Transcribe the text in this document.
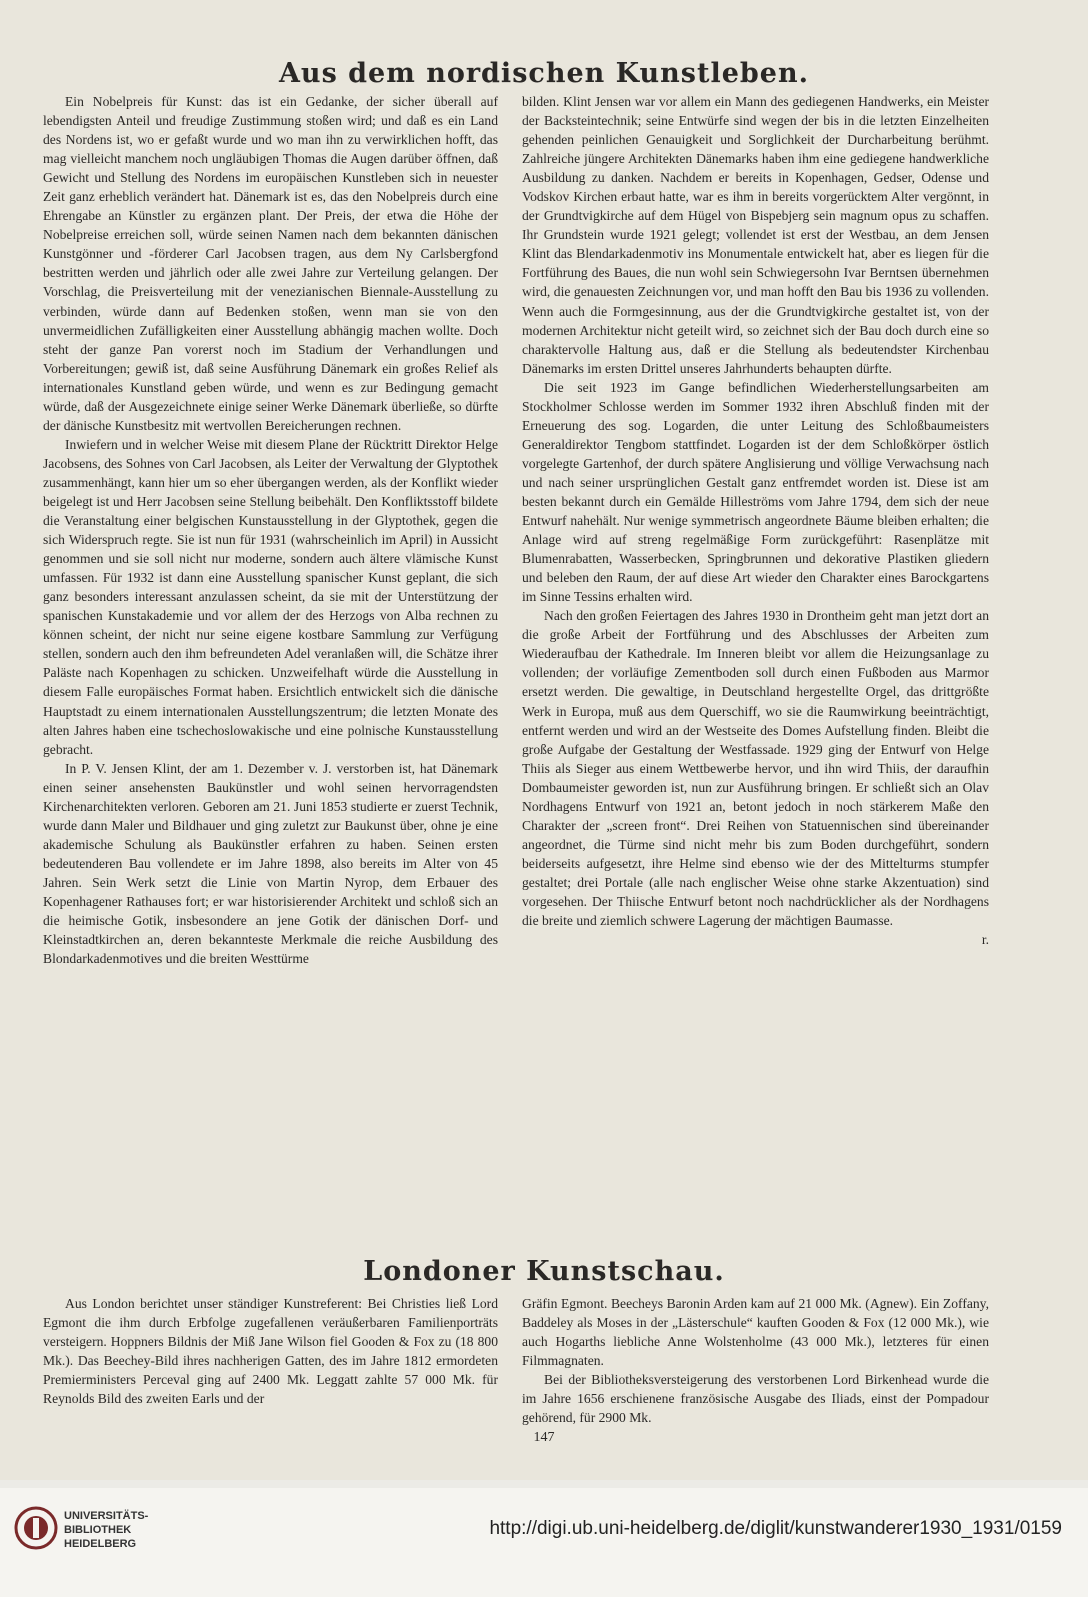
Aus dem nordischen Kunstleben.

Ein Nobelpreis für Kunst: das ist ein Gedanke, der sicher überall auf lebendigsten Anteil und freudige Zustimmung stoßen wird; und daß es ein Land des Nordens ist, wo er gefaßt wurde und wo man ihn zu verwirklichen hofft, das mag vielleicht manchem noch ungläubigen Thomas die Augen darüber öffnen, daß Gewicht und Stellung des Nordens im europäischen Kunstleben sich in neuester Zeit ganz erheblich verändert hat. Dänemark ist es, das den Nobelpreis durch eine Ehrengabe an Künstler zu ergänzen plant. Der Preis, der etwa die Höhe der Nobelpreise erreichen soll, würde seinen Namen nach dem bekannten dänischen Kunstgönner und -förderer Carl Jacobsen tragen, aus dem Ny Carlsbergfond bestritten werden und jährlich oder alle zwei Jahre zur Verteilung gelangen. Der Vorschlag, die Preisverteilung mit der venezianischen Biennale-Ausstellung zu verbinden, würde dann auf Bedenken stoßen, wenn man sie von den unvermeidlichen Zufälligkeiten einer Ausstellung abhängig machen wollte. Doch steht der ganze Pan vorerst noch im Stadium der Verhandlungen und Vorbereitungen; gewiß ist, daß seine Ausführung Dänemark ein großes Relief als internationales Kunstland geben würde, und wenn es zur Bedingung gemacht würde, daß der Ausgezeichnete einige seiner Werke Dänemark überließe, so dürfte der dänische Kunstbesitz mit wertvollen Bereicherungen rechnen.

Inwiefern und in welcher Weise mit diesem Plane der Rücktritt Direktor Helge Jacobsens, des Sohnes von Carl Jacobsen, als Leiter der Verwaltung der Glyptothek zusammenhängt, kann hier um so eher übergangen werden, als der Konflikt wieder beigelegt ist und Herr Jacobsen seine Stellung beibehält. Den Konfliktsstoff bildete die Veranstaltung einer belgischen Kunstausstellung in der Glyptothek, gegen die sich Widerspruch regte. Sie ist nun für 1931 (wahrscheinlich im April) in Aussicht genommen und sie soll nicht nur moderne, sondern auch ältere vlämische Kunst umfassen. Für 1932 ist dann eine Ausstellung spanischer Kunst geplant, die sich ganz besonders interessant anzulassen scheint, da sie mit der Unterstützung der spanischen Kunstakademie und vor allem der des Herzogs von Alba rechnen zu können scheint, der nicht nur seine eigene kostbare Sammlung zur Verfügung stellen, sondern auch den ihm befreundeten Adel veranlaßen will, die Schätze ihrer Paläste nach Kopenhagen zu schicken. Unzweifelhaft würde die Ausstellung in diesem Falle europäisches Format haben. Ersichtlich entwickelt sich die dänische Hauptstadt zu einem internationalen Ausstellungszentrum; die letzten Monate des alten Jahres haben eine tschechoslowakische und eine polnische Kunstausstellung gebracht.

In P. V. Jensen Klint, der am 1. Dezember v. J. verstorben ist, hat Dänemark einen seiner ansehensten Baukünstler und wohl seinen hervorragendsten Kirchenarchitekten verloren. Geboren am 21. Juni 1853 studierte er zuerst Technik, wurde dann Maler und Bildhauer und ging zuletzt zur Baukunst über, ohne je eine akademische Schulung als Baukünstler erfahren zu haben. Seinen ersten bedeutenderen Bau vollendete er im Jahre 1898, also bereits im Alter von 45 Jahren. Sein Werk setzt die Linie von Martin Nyrop, dem Erbauer des Kopenhagener Rathauses fort; er war historisierender Architekt und schloß sich an die heimische Gotik, insbesondere an jene Gotik der dänischen Dorf- und Kleinstadtkirchen an, deren bekannteste Merkmale die reiche Ausbildung des Blondarkadenmotives und die breiten Westtürme

bilden. Klint Jensen war vor allem ein Mann des gediegenen Handwerks, ein Meister der Backsteintechnik; seine Entwürfe sind wegen der bis in die letzten Einzelheiten gehenden peinlichen Genauigkeit und Sorglichkeit der Durcharbeitung berühmt. Zahlreiche jüngere Architekten Dänemarks haben ihm eine gediegene handwerkliche Ausbildung zu danken. Nachdem er bereits in Kopenhagen, Gedser, Odense und Vodskov Kirchen erbaut hatte, war es ihm in bereits vorgerücktem Alter vergönnt, in der Grundtvigkirche auf dem Hügel von Bispebjerg sein magnum opus zu schaffen. Ihr Grundstein wurde 1921 gelegt; vollendet ist erst der Westbau, an dem Jensen Klint das Blendarkadenmotiv ins Monumentale entwickelt hat, aber es liegen für die Fortführung des Baues, die nun wohl sein Schwiegersohn Ivar Berntsen übernehmen wird, die genauesten Zeichnungen vor, und man hofft den Bau bis 1936 zu vollenden. Wenn auch die Formgesinnung, aus der die Grundtvigkirche gestaltet ist, von der modernen Architektur nicht geteilt wird, so zeichnet sich der Bau doch durch eine so charaktervolle Haltung aus, daß er die Stellung als bedeutendster Kirchenbau Dänemarks im ersten Drittel unseres Jahrhunderts behaupten dürfte.

Die seit 1923 im Gange befindlichen Wiederherstellungsarbeiten am Stockholmer Schlosse werden im Sommer 1932 ihren Abschluß finden mit der Erneuerung des sog. Logarden, die unter Leitung des Schloßbaumeisters Generaldirektor Tengbom stattfindet. Logarden ist der dem Schloßkörper östlich vorgelegte Gartenhof, der durch spätere Anglisierung und völlige Verwachsung nach und nach seiner ursprünglichen Gestalt ganz entfremdet worden ist. Diese ist am besten bekannt durch ein Gemälde Hilleströms vom Jahre 1794, dem sich der neue Entwurf nahehält. Nur wenige symmetrisch angeordnete Bäume bleiben erhalten; die Anlage wird auf streng regelmäßige Form zurückgeführt: Rasenplätze mit Blumenrabatten, Wasserbecken, Springbrunnen und dekorative Plastiken gliedern und beleben den Raum, der auf diese Art wieder den Charakter eines Barockgartens im Sinne Tessins erhalten wird.

Nach den großen Feiertagen des Jahres 1930 in Drontheim geht man jetzt dort an die große Arbeit der Fortführung und des Abschlusses der Arbeiten zum Wiederaufbau der Kathedrale. Im Inneren bleibt vor allem die Heizungsanlage zu vollenden; der vorläufige Zementboden soll durch einen Fußboden aus Marmor ersetzt werden. Die gewaltige, in Deutschland hergestellte Orgel, das drittgrößte Werk in Europa, muß aus dem Querschiff, wo sie die Raumwirkung beeinträchtigt, entfernt werden und wird an der Westseite des Domes Aufstellung finden. Bleibt die große Aufgabe der Gestaltung der Westfassade. 1929 ging der Entwurf von Helge Thiis als Sieger aus einem Wettbewerbe hervor, und ihn wird Thiis, der daraufhin Dombaumeister geworden ist, nun zur Ausführung bringen. Er schließt sich an Olav Nordhagens Entwurf von 1921 an, betont jedoch in noch stärkerem Maße den Charakter der „screen front“. Drei Reihen von Statuennischen sind übereinander angeordnet, die Türme sind nicht mehr bis zum Boden durchgeführt, sondern beiderseits aufgesetzt, ihre Helme sind ebenso wie der des Mittelturms stumpfer gestaltet; drei Portale (alle nach englischer Weise ohne starke Akzentuation) sind vorgesehen. Der Thiische Entwurf betont noch nachdrücklicher als der Nordhagens die breite und ziemlich schwere Lagerung der mächtigen Baumasse.

r.

Londoner Kunstschau.

Aus London berichtet unser ständiger Kunstreferent: Bei Christies ließ Lord Egmont die ihm durch Erbfolge zugefallenen veräußerbaren Familienporträts versteigern. Hoppners Bildnis der Miß Jane Wilson fiel Gooden & Fox zu (18 800 Mk.). Das Beechey-Bild ihres nachherigen Gatten, des im Jahre 1812 ermordeten Premierministers Perceval ging auf 2400 Mk. Leggatt zahlte 57 000 Mk. für Reynolds Bild des zweiten Earls und der

Gräfin Egmont. Beecheys Baronin Arden kam auf 21 000 Mk. (Agnew). Ein Zoffany, Baddeley als Moses in der „Lästerschule“ kauften Gooden & Fox (12 000 Mk.), wie auch Hogarths liebliche Anne Wolstenholme (43 000 Mk.), letzteres für einen Filmmagnaten.

Bei der Bibliotheksversteigerung des verstorbenen Lord Birkenhead wurde die im Jahre 1656 erschienene französische Ausgabe des Iliads, einst der Pompadour gehörend, für 2900 Mk.

147
UNIVERSITÄTS-
BIBLIOTHEK
HEIDELBERG
http://digi.ub.uni-heidelberg.de/diglit/kunstwanderer1930_1931/0159
